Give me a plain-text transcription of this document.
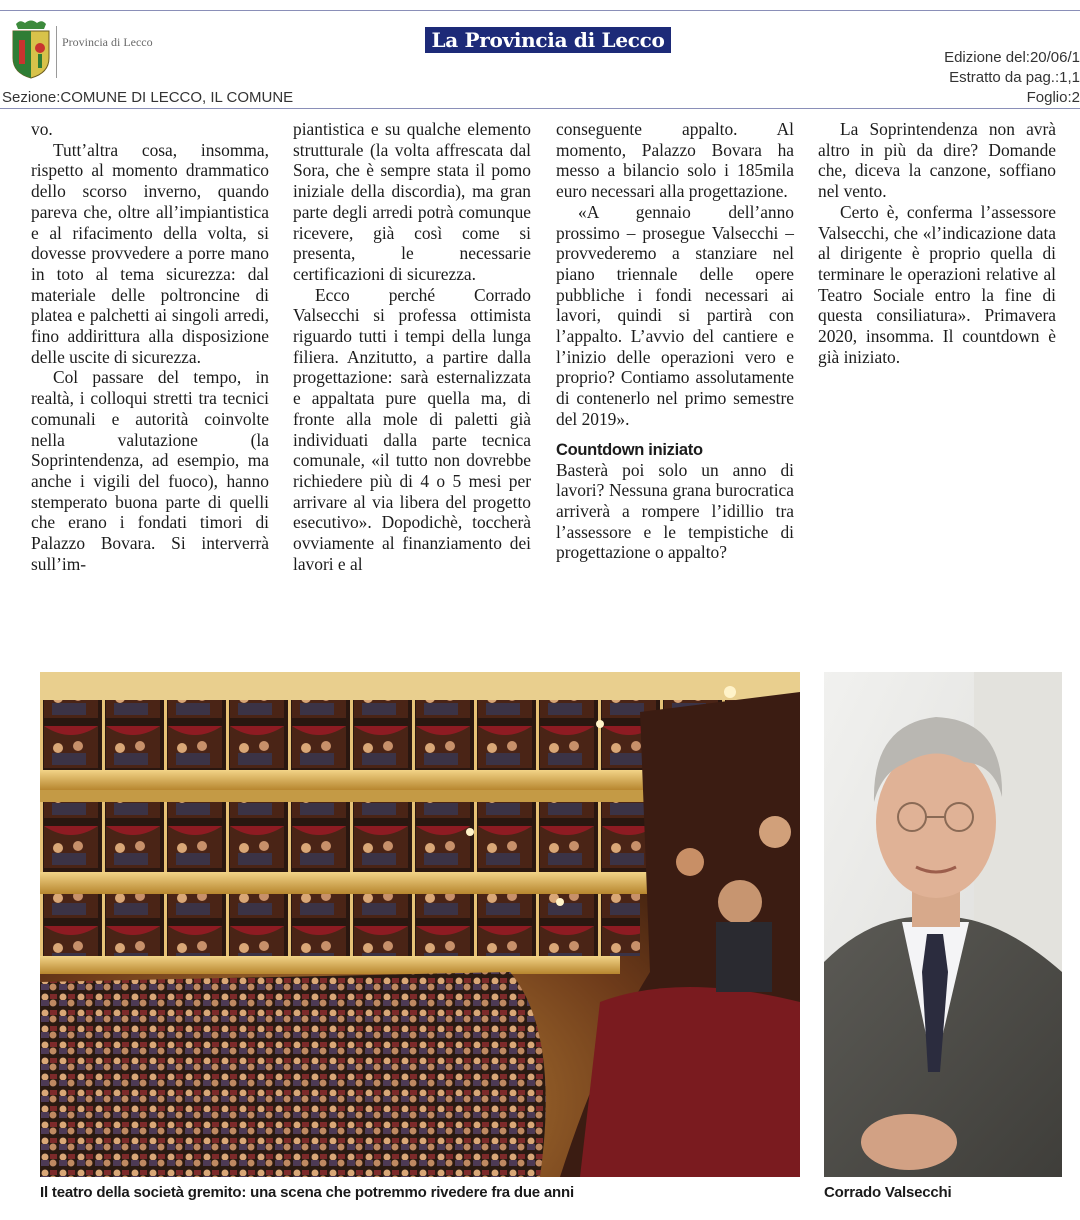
Provincia di Lecco	La Provincia di Lecco
Edizione del:20/06/1
Estratto da pag.:1,1
Foglio:2
Sezione:COMUNE DI LECCO, IL COMUNE

vo.

Tutt’altra cosa, insomma, rispetto al momento drammatico dello scorso inverno, quando pareva che, oltre all’impiantistica e al rifacimento della volta, si dovesse provvedere a porre mano in toto al tema sicurezza: dal materiale delle poltroncine di platea e palchetti ai singoli arredi, fino addirittura alla disposizione delle uscite di sicurezza.

Col passare del tempo, in realtà, i colloqui stretti tra tecnici comunali e autorità coinvolte nella valutazione (la Soprintendenza, ad esempio, ma anche i vigili del fuoco), hanno stemperato buona parte di quelli che erano i fondati timori di Palazzo Bovara. Si interverrà sull’im-

piantistica e su qualche elemento strutturale (la volta affrescata dal Sora, che è sempre stata il pomo iniziale della discordia), ma gran parte degli arredi potrà comunque ricevere, già così come si presenta, le necessarie certificazioni di sicurezza.

Ecco perché Corrado Valsecchi si professa ottimista riguardo tutti i tempi della lunga filiera. Anzitutto, a partire dalla progettazione: sarà esternalizzata e appaltata pure quella ma, di fronte alla mole di paletti già individuati dalla parte tecnica comunale, «il tutto non dovrebbe richiedere più di 4 o 5 mesi per arrivare al via libera del progetto esecutivo». Dopodichè, toccherà ovviamente al finanziamento dei lavori e al

conseguente appalto. Al momento, Palazzo Bovara ha messo a bilancio solo i 185mila euro necessari alla progettazione.

«A gennaio dell’anno prossimo – prosegue Valsecchi – provvederemo a stanziare nel piano triennale delle opere pubbliche i fondi necessari ai lavori, quindi si partirà con l’appalto. L’avvio del cantiere e l’inizio delle operazioni vero e proprio? Contiamo assolutamente di contenerlo nel primo semestre del 2019».

Countdown iniziato

Basterà poi solo un anno di lavori? Nessuna grana burocratica arriverà a rompere l’idillio tra l’assessore e le tempistiche di progettazione o appalto?

La Soprintendenza non avrà altro in più da dire? Domande che, diceva la canzone, soffiano nel vento.

Certo è, conferma l’assessore Valsecchi, che «l’indicazione data al dirigente è proprio quella di terminare le operazioni relative al Teatro Sociale entro la fine di questa consiliatura». Primavera 2020, insomma. Il countdown è già iniziato.

Il teatro della società gremito: una scena che potremmo rivedere fra due anni	Corrado Valsecchi
